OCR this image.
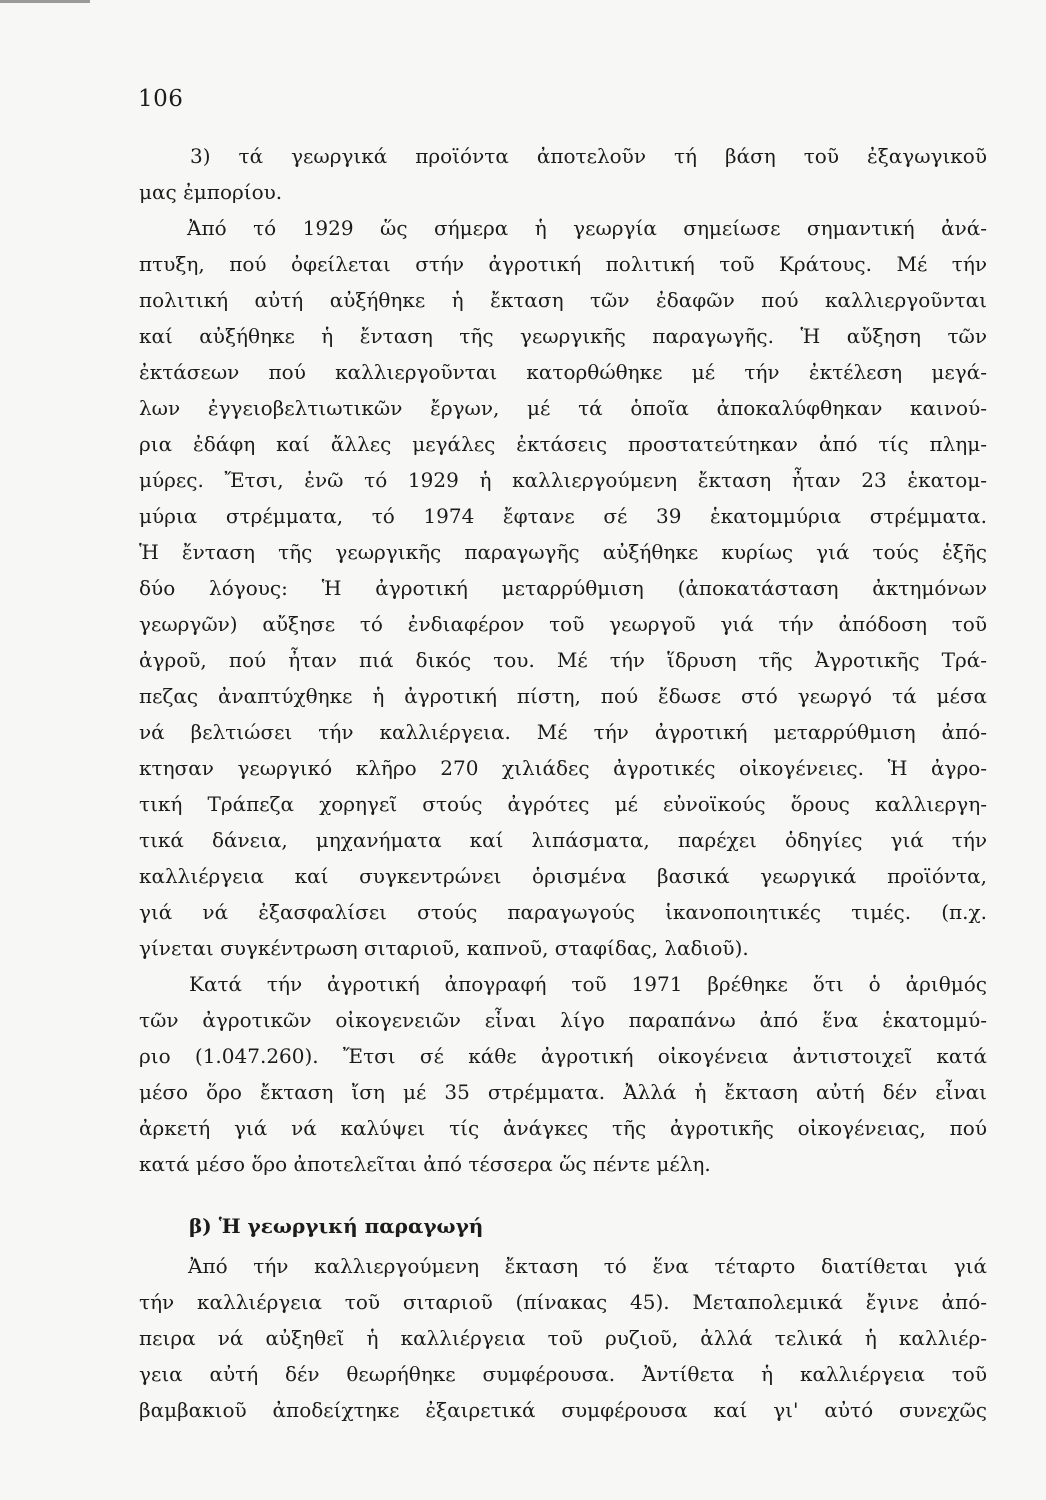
106
3) τά γεωργικά προϊόντα ἀποτελοῦν τή βάση τοῦ ἐξαγωγικοῦ
μας ἐμπορίου.
Ἀπό τό 1929 ὥς σήμερα ἡ γεωργία σημείωσε σημαντική ἀνά-
πτυξη, πού ὀφείλεται στήν ἀγροτική πολιτική τοῦ Κράτους. Μέ τήν
πολιτική αὐτή αὐξήθηκε ἡ ἔκταση τῶν ἐδαφῶν πού καλλιεργοῦνται
καί αὐξήθηκε ἡ ἔνταση τῆς γεωργικῆς παραγωγῆς. Ἡ αὔξηση τῶν
ἐκτάσεων πού καλλιεργοῦνται κατορθώθηκε μέ τήν ἐκτέλεση μεγά-
λων ἐγγειοβελτιωτικῶν ἔργων, μέ τά ὁποῖα ἀποκαλύφθηκαν καινού-
ρια ἐδάφη καί ἄλλες μεγάλες ἐκτάσεις προστατεύτηκαν ἀπό τίς πλημ-
μύρες. Ἔτσι, ἐνῶ τό 1929 ἡ καλλιεργούμενη ἔκταση ἦταν 23 ἑκατομ-
μύρια στρέμματα, τό 1974 ἔφτανε σέ 39 ἑκατομμύρια στρέμματα.
Ἡ ἔνταση τῆς γεωργικῆς παραγωγῆς αὐξήθηκε κυρίως γιά τούς ἑξῆς
δύο λόγους: Ἡ ἀγροτική μεταρρύθμιση (ἀποκατάσταση ἀκτημόνων
γεωργῶν) αὔξησε τό ἐνδιαφέρον τοῦ γεωργοῦ γιά τήν ἀπόδοση τοῦ
ἀγροῦ, πού ἦταν πιά δικός του. Μέ τήν ἵδρυση τῆς Ἀγροτικῆς Τρά-
πεζας ἀναπτύχθηκε ἡ ἀγροτική πίστη, πού ἔδωσε στό γεωργό τά μέσα
νά βελτιώσει τήν καλλιέργεια. Μέ τήν ἀγροτική μεταρρύθμιση ἀπό-
κτησαν γεωργικό κλῆρο 270 χιλιάδες ἀγροτικές οἰκογένειες. Ἡ ἀγρο-
τική Τράπεζα χορηγεῖ στούς ἀγρότες μέ εὐνοϊκούς ὅρους καλλιεργη-
τικά δάνεια, μηχανήματα καί λιπάσματα, παρέχει ὁδηγίες γιά τήν
καλλιέργεια καί συγκεντρώνει ὁρισμένα βασικά γεωργικά προϊόντα,
γιά νά ἐξασφαλίσει στούς παραγωγούς ἱκανοποιητικές τιμές. (π.χ.
γίνεται συγκέντρωση σιταριοῦ, καπνοῦ, σταφίδας, λαδιοῦ).
Κατά τήν ἀγροτική ἀπογραφή τοῦ 1971 βρέθηκε ὅτι ὁ ἀριθμός
τῶν ἀγροτικῶν οἰκογενειῶν εἶναι λίγο παραπάνω ἀπό ἕνα ἑκατομμύ-
ριο (1.047.260). Ἔτσι σέ κάθε ἀγροτική οἰκογένεια ἀντιστοιχεῖ κατά
μέσο ὅρο ἔκταση ἴση μέ 35 στρέμματα. Ἀλλά ἡ ἔκταση αὐτή δέν εἶναι
ἀρκετή γιά νά καλύψει τίς ἀνάγκες τῆς ἀγροτικῆς οἰκογένειας, πού
κατά μέσο ὅρο ἀποτελεῖται ἀπό τέσσερα ὥς πέντε μέλη.
β) Ἡ γεωργική παραγωγή
Ἀπό τήν καλλιεργούμενη ἔκταση τό ἕνα τέταρτο διατίθεται γιά
τήν καλλιέργεια τοῦ σιταριοῦ (πίνακας 45). Μεταπολεμικά ἔγινε ἀπό-
πειρα νά αὐξηθεῖ ἡ καλλιέργεια τοῦ ρυζιοῦ, ἀλλά τελικά ἡ καλλιέρ-
γεια αὐτή δέν θεωρήθηκε συμφέρουσα. Ἀντίθετα ἡ καλλιέργεια τοῦ
βαμβακιοῦ ἀποδείχτηκε ἐξαιρετικά συμφέρουσα καί γι' αὐτό συνεχῶς
